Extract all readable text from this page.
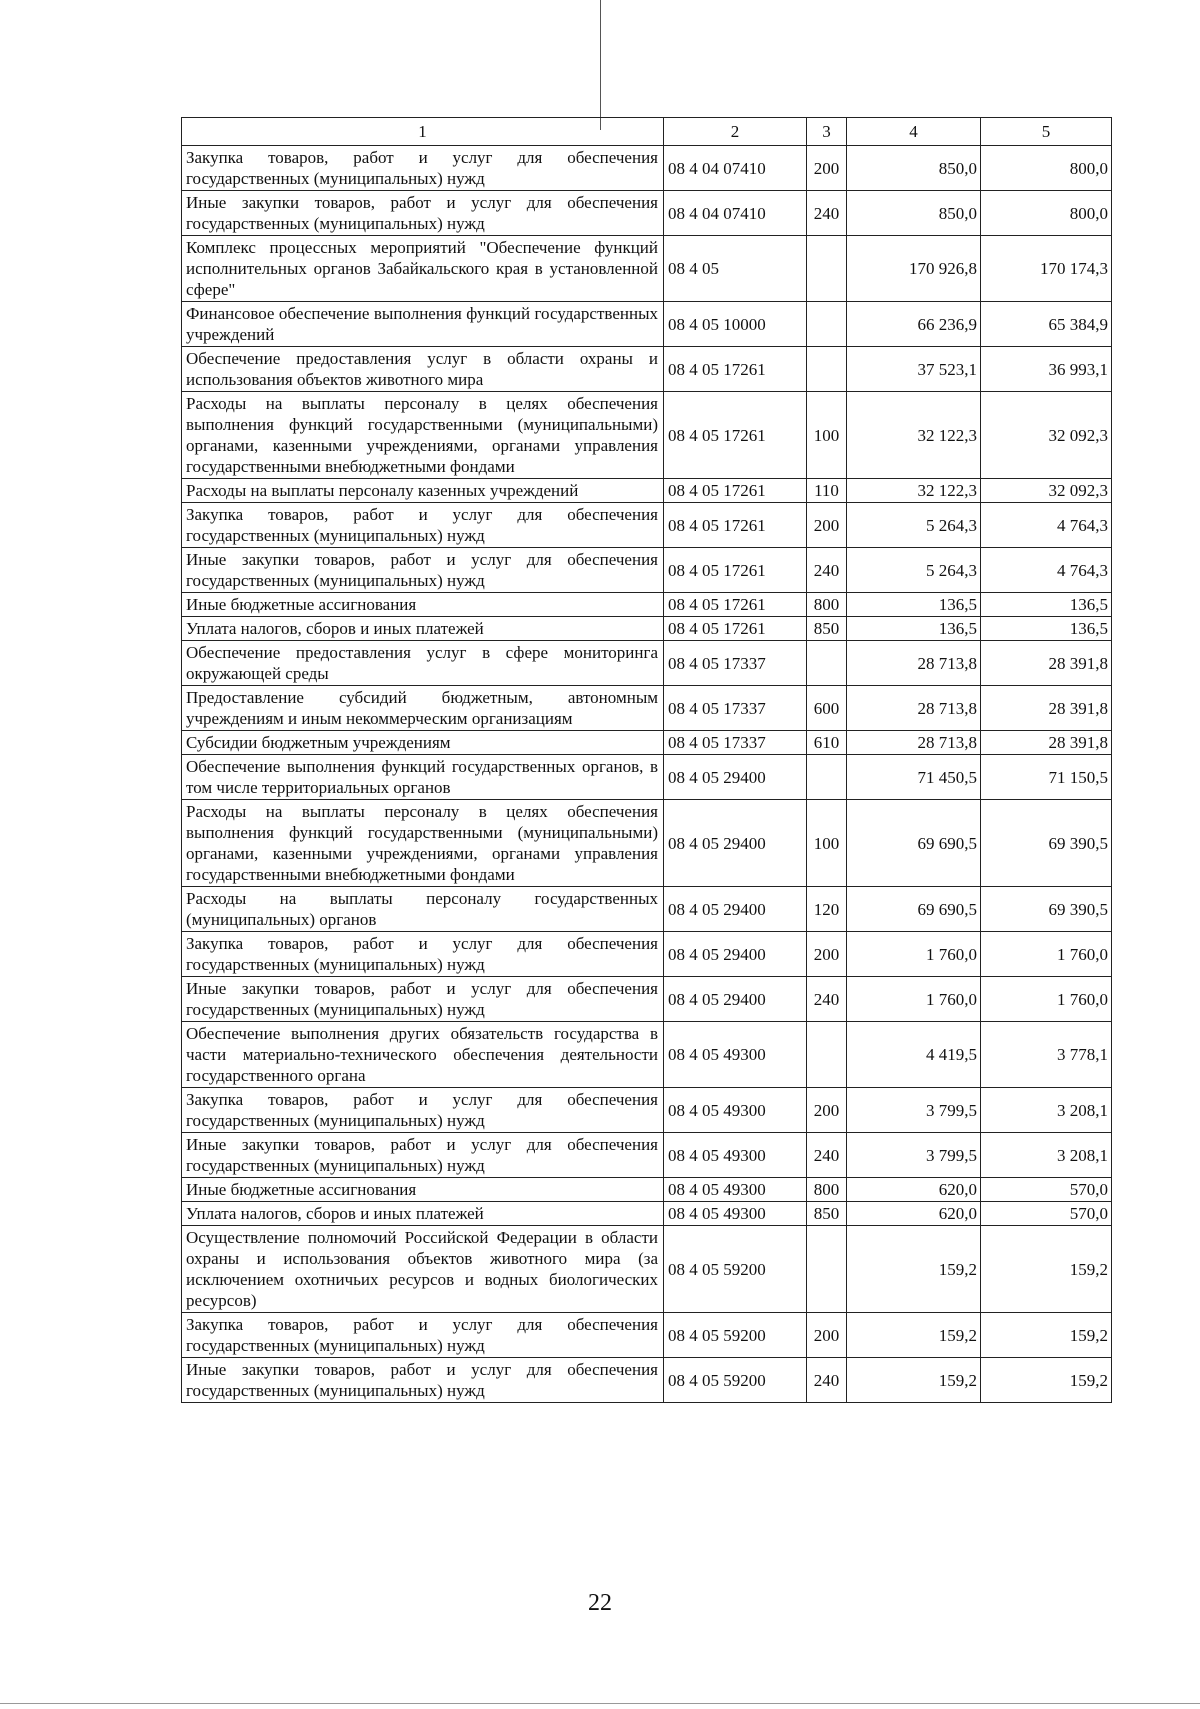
1	2	3	4	5
Закупка товаров, работ и услуг для обеспечения государственных (муниципальных) нужд	08 4 04 07410	200	850,0	800,0
Иные закупки товаров, работ и услуг для обеспечения государственных (муниципальных) нужд	08 4 04 07410	240	850,0	800,0
Комплекс процессных мероприятий "Обеспечение функций исполнительных органов Забайкальского края в установленной сфере"	08 4 05		170 926,8	170 174,3
Финансовое обеспечение выполнения функций государственных учреждений	08 4 05 10000		66 236,9	65 384,9
Обеспечение предоставления услуг в области охраны и использования объектов животного мира	08 4 05 17261		37 523,1	36 993,1
Расходы на выплаты персоналу в целях обеспечения выполнения функций государственными (муниципальными) органами, казенными учреждениями, органами управления государственными внебюджетными фондами	08 4 05 17261	100	32 122,3	32 092,3
Расходы на выплаты персоналу казенных учреждений	08 4 05 17261	110	32 122,3	32 092,3
Закупка товаров, работ и услуг для обеспечения государственных (муниципальных) нужд	08 4 05 17261	200	5 264,3	4 764,3
Иные закупки товаров, работ и услуг для обеспечения государственных (муниципальных) нужд	08 4 05 17261	240	5 264,3	4 764,3
Иные бюджетные ассигнования	08 4 05 17261	800	136,5	136,5
Уплата налогов, сборов и иных платежей	08 4 05 17261	850	136,5	136,5
Обеспечение предоставления услуг в сфере мониторинга окружающей среды	08 4 05 17337		28 713,8	28 391,8
Предоставление субсидий бюджетным, автономным учреждениям и иным некоммерческим организациям	08 4 05 17337	600	28 713,8	28 391,8
Субсидии бюджетным учреждениям	08 4 05 17337	610	28 713,8	28 391,8
Обеспечение выполнения функций государственных органов, в том числе территориальных органов	08 4 05 29400		71 450,5	71 150,5
Расходы на выплаты персоналу в целях обеспечения выполнения функций государственными (муниципальными) органами, казенными учреждениями, органами управления государственными внебюджетными фондами	08 4 05 29400	100	69 690,5	69 390,5
Расходы на выплаты персоналу государственных (муниципальных) органов	08 4 05 29400	120	69 690,5	69 390,5
Закупка товаров, работ и услуг для обеспечения государственных (муниципальных) нужд	08 4 05 29400	200	1 760,0	1 760,0
Иные закупки товаров, работ и услуг для обеспечения государственных (муниципальных) нужд	08 4 05 29400	240	1 760,0	1 760,0
Обеспечение выполнения других обязательств государства в части материально-технического обеспечения деятельности государственного органа	08 4 05 49300		4 419,5	3 778,1
Закупка товаров, работ и услуг для обеспечения государственных (муниципальных) нужд	08 4 05 49300	200	3 799,5	3 208,1
Иные закупки товаров, работ и услуг для обеспечения государственных (муниципальных) нужд	08 4 05 49300	240	3 799,5	3 208,1
Иные бюджетные ассигнования	08 4 05 49300	800	620,0	570,0
Уплата налогов, сборов и иных платежей	08 4 05 49300	850	620,0	570,0
Осуществление полномочий Российской Федерации в области охраны и использования объектов животного мира (за исключением охотничьих ресурсов и водных биологических ресурсов)	08 4 05 59200		159,2	159,2
Закупка товаров, работ и услуг для обеспечения государственных (муниципальных) нужд	08 4 05 59200	200	159,2	159,2
Иные закупки товаров, работ и услуг для обеспечения государственных (муниципальных) нужд	08 4 05 59200	240	159,2	159,2
22
